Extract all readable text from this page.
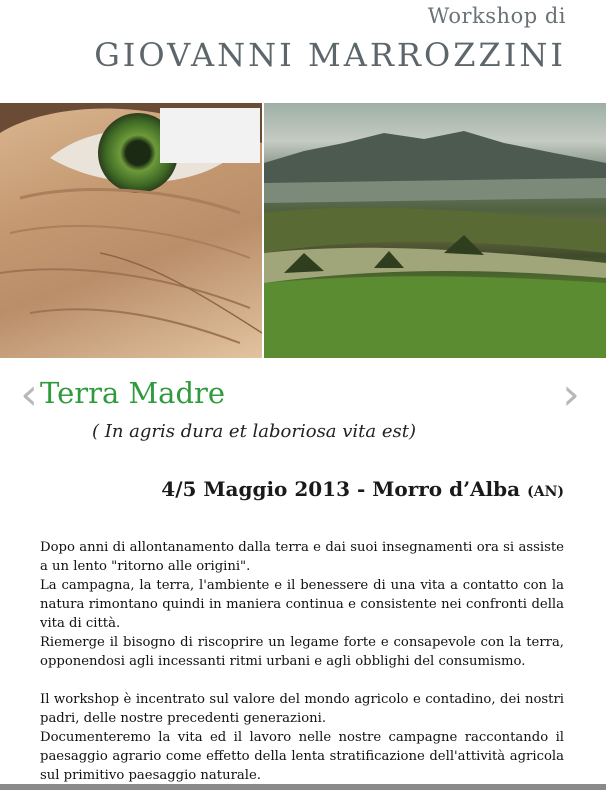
Workshop di
GIOVANNI MARROZZINI
‹	›
Terra Madre
( In agris dura et laboriosa vita est)
4/5 Maggio 2013 - Morro d’Alba (AN)

Dopo anni di allontanamento dalla terra e dai suoi insegnamenti ora si assiste a un lento "ritorno alle origini".

La campagna, la terra, l'ambiente e il benessere di una vita a contatto con la natura rimontano quindi in maniera continua e consistente nei confronti della vita di città.

Riemerge il bisogno di riscoprire un legame forte e consapevole con la terra, opponendosi agli incessanti ritmi urbani e agli obblighi del consumismo.

Il workshop è incentrato sul valore del mondo agricolo e contadino, dei nostri padri, delle nostre precedenti generazioni.

Documenteremo la vita ed il lavoro nelle nostre campagne raccontando il paesaggio agrario come effetto della lenta stratificazione dell'attività agricola sul primitivo paesaggio naturale.
